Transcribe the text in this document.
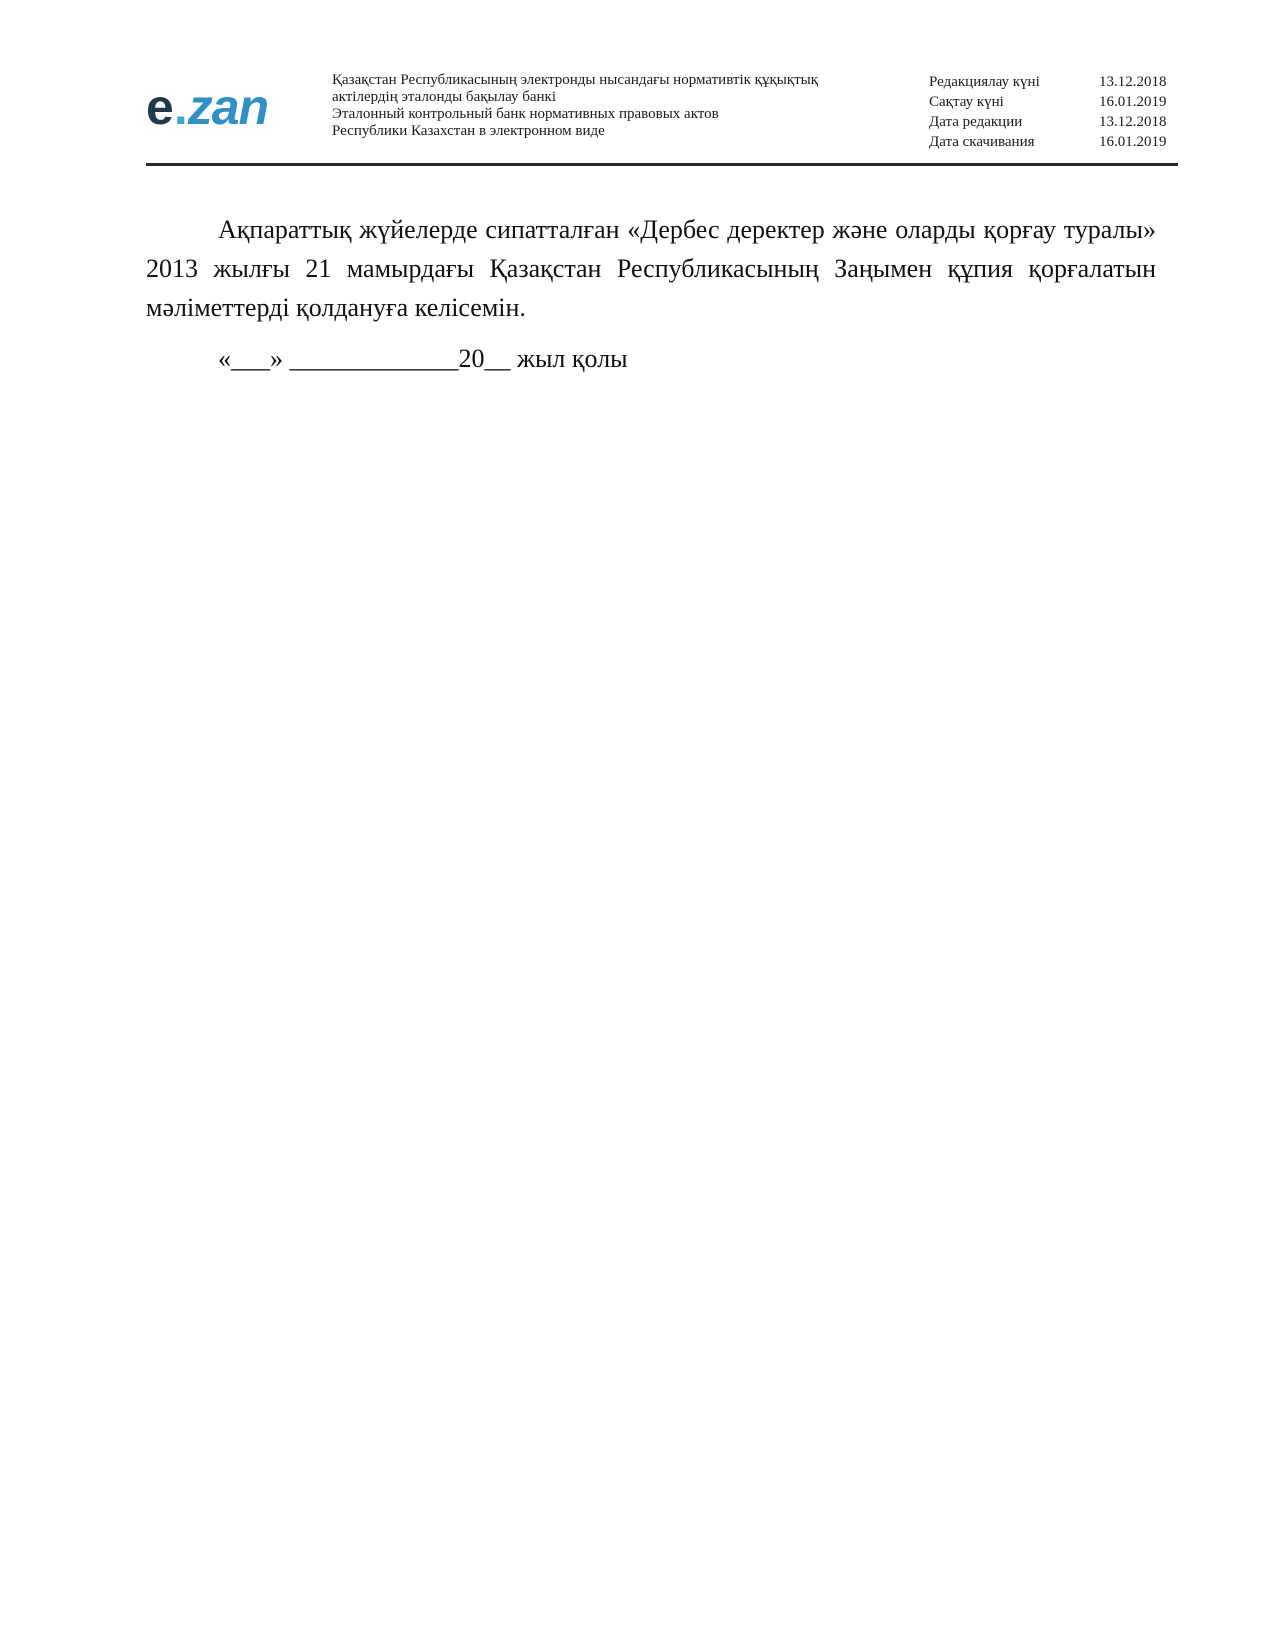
e . zan	Қазақстан Республикасының электронды нысандағы нормативтік құқықтық
актілердің эталонды бақылау банкі
Эталонный контрольный банк нормативных правовых актов
Республики Казахстан в электронном виде
Редакциялау күні	13.12.2018
Сақтау күні	16.01.2019
Дата редакции	13.12.2018
Дата скачивания	16.01.2019

Ақпараттық жүйелерде сипатталған «Дербес деректер және оларды қорғау туралы» 2013 жылғы 21 мамырдағы Қазақстан Республикасының Заңымен құпия қорғалатын мәліметтерді қолдануға келісемін.

«___» _____________20__ жыл қолы
